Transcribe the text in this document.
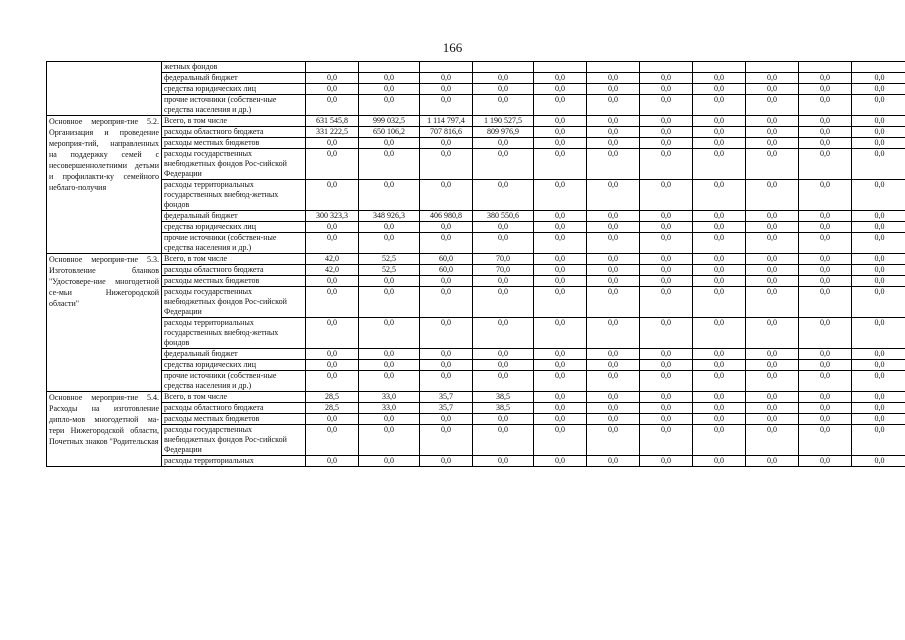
166
	жетных фондов											
	федеральный бюджет	0,0	0,0	0,0	0,0	0,0	0,0	0,0	0,0	0,0	0,0	0,0
	средства юридических лиц	0,0	0,0	0,0	0,0	0,0	0,0	0,0	0,0	0,0	0,0	0,0
	прочие источники (собствен-ные средства населения и др.)	0,0	0,0	0,0	0,0	0,0	0,0	0,0	0,0	0,0	0,0	0,0
Основное мероприя-тие 5.2. Организация и проведение мероприя-тий, направленных на поддержку семей с несовершеннолетними детьми и профилакти-ку семейного неблаго-получия	Всего, в том числе	631 545,8	999 032,5	1 114 797,4	1 190 527,5	0,0	0,0	0,0	0,0	0,0	0,0	0,0
	расходы областного бюджета	331 222,5	650 106,2	707 816,6	809 976,9	0,0	0,0	0,0	0,0	0,0	0,0	0,0
	расходы местных бюджетов	0,0	0,0	0,0	0,0	0,0	0,0	0,0	0,0	0,0	0,0	0,0
	расходы государственных внебюджетных фондов Рос-сийской Федерации	0,0	0,0	0,0	0,0	0,0	0,0	0,0	0,0	0,0	0,0	0,0
	расходы территориальных государственных внебюд-жетных фондов	0,0	0,0	0,0	0,0	0,0	0,0	0,0	0,0	0,0	0,0	0,0
	федеральный бюджет	300 323,3	348 926,3	406 980,8	380 550,6	0,0	0,0	0,0	0,0	0,0	0,0	0,0
	средства юридических лиц	0,0	0,0	0,0	0,0	0,0	0,0	0,0	0,0	0,0	0,0	0,0
	прочие источники (собствен-ные средства населения и др.)	0,0	0,0	0,0	0,0	0,0	0,0	0,0	0,0	0,0	0,0	0,0
Основное мероприя-тие 5.3. Изготовление бланков "Удостовере-ние многодетной се-мьи Нижегородской области"	Всего, в том числе	42,0	52,5	60,0	70,0	0,0	0,0	0,0	0,0	0,0	0,0	0,0
	расходы областного бюджета	42,0	52,5	60,0	70,0	0,0	0,0	0,0	0,0	0,0	0,0	0,0
	расходы местных бюджетов	0,0	0,0	0,0	0,0	0,0	0,0	0,0	0,0	0,0	0,0	0,0
	расходы государственных внебюджетных фондов Рос-сийской Федерации	0,0	0,0	0,0	0,0	0,0	0,0	0,0	0,0	0,0	0,0	0,0
	расходы территориальных государственных внебюд-жетных фондов	0,0	0,0	0,0	0,0	0,0	0,0	0,0	0,0	0,0	0,0	0,0
	федеральный бюджет	0,0	0,0	0,0	0,0	0,0	0,0	0,0	0,0	0,0	0,0	0,0
	средства юридических лиц	0,0	0,0	0,0	0,0	0,0	0,0	0,0	0,0	0,0	0,0	0,0
	прочие источники (собствен-ные средства населения и др.)	0,0	0,0	0,0	0,0	0,0	0,0	0,0	0,0	0,0	0,0	0,0
Основное мероприя-тие 5.4. Расходы на изготовление дипло-мов многодетной ма-тери Нижегородской области, Почетных знаков "Родительская	Всего, в том числе	28,5	33,0	35,7	38,5	0,0	0,0	0,0	0,0	0,0	0,0	0,0
	расходы областного бюджета	28,5	33,0	35,7	38,5	0,0	0,0	0,0	0,0	0,0	0,0	0,0
	расходы местных бюджетов	0,0	0,0	0,0	0,0	0,0	0,0	0,0	0,0	0,0	0,0	0,0
	расходы государственных внебюджетных фондов Рос-сийской Федерации	0,0	0,0	0,0	0,0	0,0	0,0	0,0	0,0	0,0	0,0	0,0
	расходы территориальных	0,0	0,0	0,0	0,0	0,0	0,0	0,0	0,0	0,0	0,0	0,0
